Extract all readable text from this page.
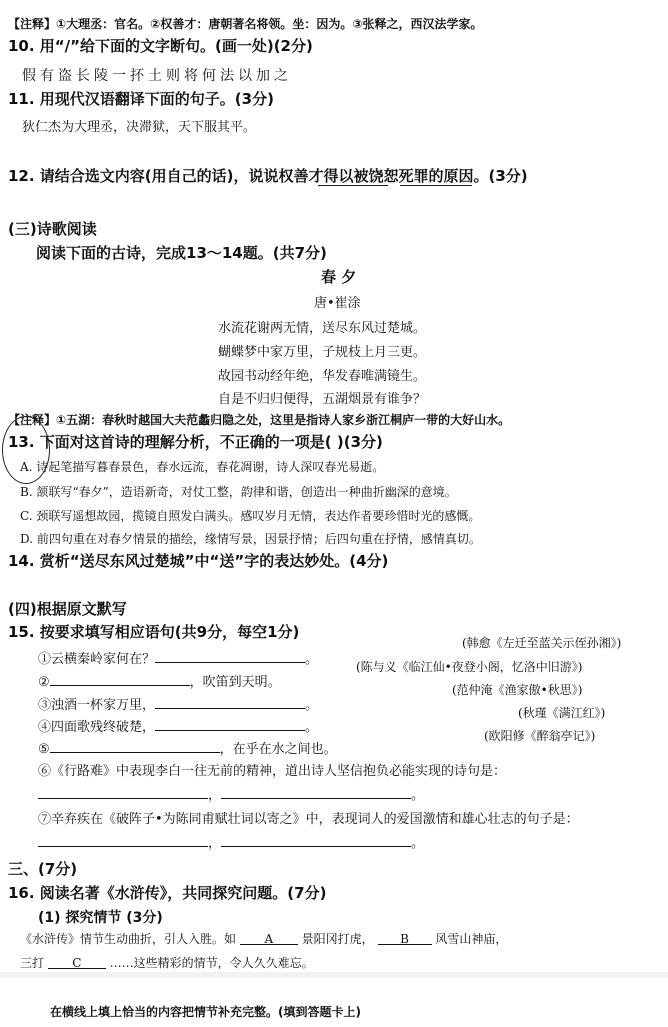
【注释】①大理丞：官名。②权善才：唐朝著名将领。坐：因为。③张释之，西汉法学家。
10. 用“/”给下面的文字断句。(画一处)(2分)
假有盗长陵一抔土则将何法以加之
11. 用现代汉语翻译下面的句子。(3分)
狄仁杰为大理丞，决滞狱，天下服其平。
12. 请结合选文内容(用自己的话)，说说权善才得以被饶恕死罪的原因。(3分)
(三)诗歌阅读
阅读下面的古诗，完成13～14题。(共7分)
春 夕
唐•崔涂
水流花谢两无情，送尽东风过楚城。
蝴蝶梦中家万里，子规枝上月三更。
故园书动经年绝，华发春唯满镜生。
自是不归归便得，五湖烟景有谁争？
【注释】①五湖：春秋时越国大夫范蠡归隐之处，这里是指诗人家乡浙江桐庐一带的大好山水。
13. 下面对这首诗的理解分析，不正确的一项是( )(3分)
A. 诗起笔描写暮春景色，春水远流，春花凋谢，诗人深叹春光易逝。
B. 颔联写“春夕”，造语新奇，对仗工整，韵律和谐，创造出一种曲折幽深的意境。
C. 颈联写遥想故园，揽镜自照发白满头。感叹岁月无情，表达作者要珍惜时光的感慨。
D. 前四句重在对春夕情景的描绘，缘情写景，因景抒情；后四句重在抒情，感情真切。
14. 赏析“送尽东风过楚城”中“送”字的表达妙处。(4分)
(四)根据原文默写
15. 按要求填写相应语句(共9分，每空1分)
(韩愈《左迁至蓝关示侄孙湘》)
(陈与义《临江仙•夜登小阁，忆洛中旧游》)
(范仲淹《渔家傲•秋思》)
(秋瑾《满江红》)
(欧阳修《醉翁亭记》)
①云横秦岭家何在？	。
②	，吹笛到天明。
③浊酒一杯家万里，	。
④四面歌残终破楚，	。
⑤	，在乎在水之间也。
⑥《行路难》中表现李白一往无前的精神，道出诗人坚信抱负必能实现的诗句是：
，	。
⑦辛弃疾在《破阵子•为陈同甫赋壮词以寄之》中，表现词人的爱国激情和雄心壮志的句子是：
，	。
三、(7分)
16. 阅读名著《水浒传》，共同探究问题。(7分)
(1) 探究情节 (3分)
《水浒传》情节生动曲折，引人入胜。如 A 景阳冈打虎， B 风雪山神庙，
三打 C ……这些精彩的情节，令人久久难忘。
在横线上填上恰当的内容把情节补充完整。(填到答题卡上)
